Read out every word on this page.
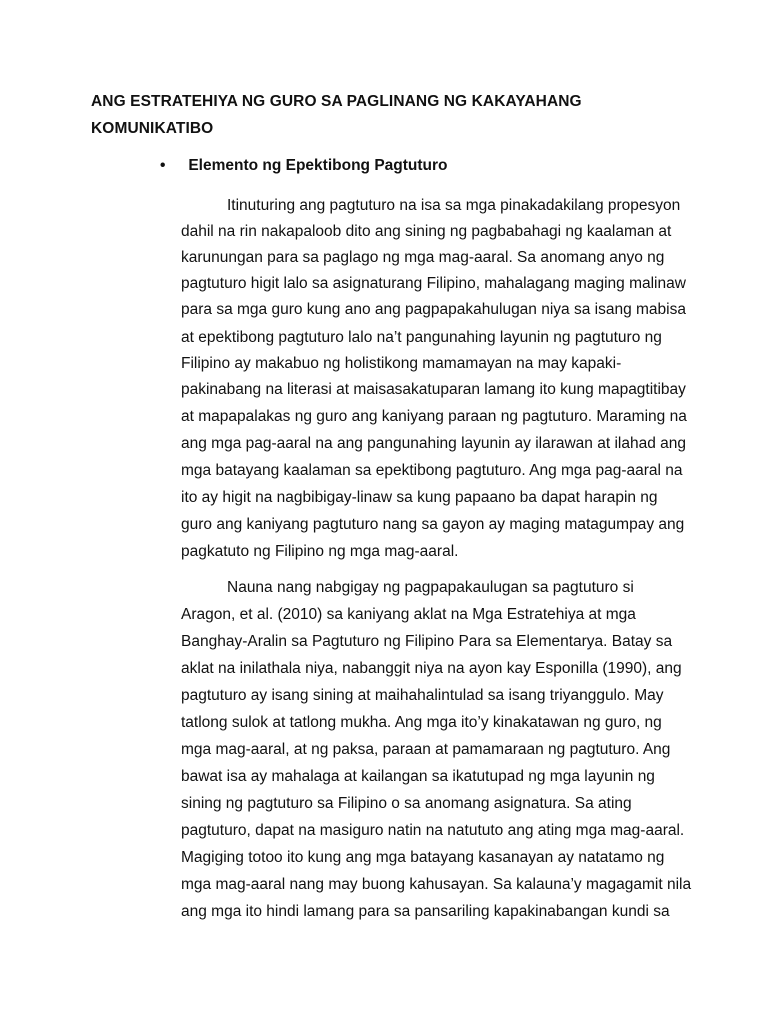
ANG ESTRATEHIYA NG GURO SA PAGLINANG NG KAKAYAHANG
KOMUNIKATIBO
• Elemento ng Epektibong Pagtuturo
Itinuturing ang pagtuturo na isa sa mga pinakadakilang propesyon
dahil na rin nakapaloob dito ang sining ng pagbabahagi ng kaalaman at
karunungan para sa paglago ng mga mag-aaral. Sa anomang anyo ng
pagtuturo higit lalo sa asignaturang Filipino, mahalagang maging malinaw
para sa mga guro kung ano ang pagpapakahulugan niya sa isang mabisa
at epektibong pagtuturo lalo na’t pangunahing layunin ng pagtuturo ng
Filipino ay makabuo ng holistikong mamamayan na may kapaki-
pakinabang na literasi at maisasakatuparan lamang ito kung mapagtitibay
at mapapalakas ng guro ang kaniyang paraan ng pagtuturo. Maraming na
ang mga pag-aaral na ang pangunahing layunin ay ilarawan at ilahad ang
mga batayang kaalaman sa epektibong pagtuturo. Ang mga pag-aaral na
ito ay higit na nagbibigay-linaw sa kung papaano ba dapat harapin ng
guro ang kaniyang pagtuturo nang sa gayon ay maging matagumpay ang
pagkatuto ng Filipino ng mga mag-aaral.
Nauna nang nabgigay ng pagpapakaulugan sa pagtuturo si
Aragon, et al. (2010) sa kaniyang aklat na Mga Estratehiya at mga
Banghay-Aralin sa Pagtuturo ng Filipino Para sa Elementarya. Batay sa
aklat na inilathala niya, nabanggit niya na ayon kay Esponilla (1990), ang
pagtuturo ay isang sining at maihahalintulad sa isang triyanggulo. May
tatlong sulok at tatlong mukha. Ang mga ito’y kinakatawan ng guro, ng
mga mag-aaral, at ng paksa, paraan at pamamaraan ng pagtuturo. Ang
bawat isa ay mahalaga at kailangan sa ikatutupad ng mga layunin ng
sining ng pagtuturo sa Filipino o sa anomang asignatura. Sa ating
pagtuturo, dapat na masiguro natin na natututo ang ating mga mag-aaral.
Magiging totoo ito kung ang mga batayang kasanayan ay natatamo ng
mga mag-aaral nang may buong kahusayan. Sa kalauna’y magagamit nila
ang mga ito hindi lamang para sa pansariling kapakinabangan kundi sa
